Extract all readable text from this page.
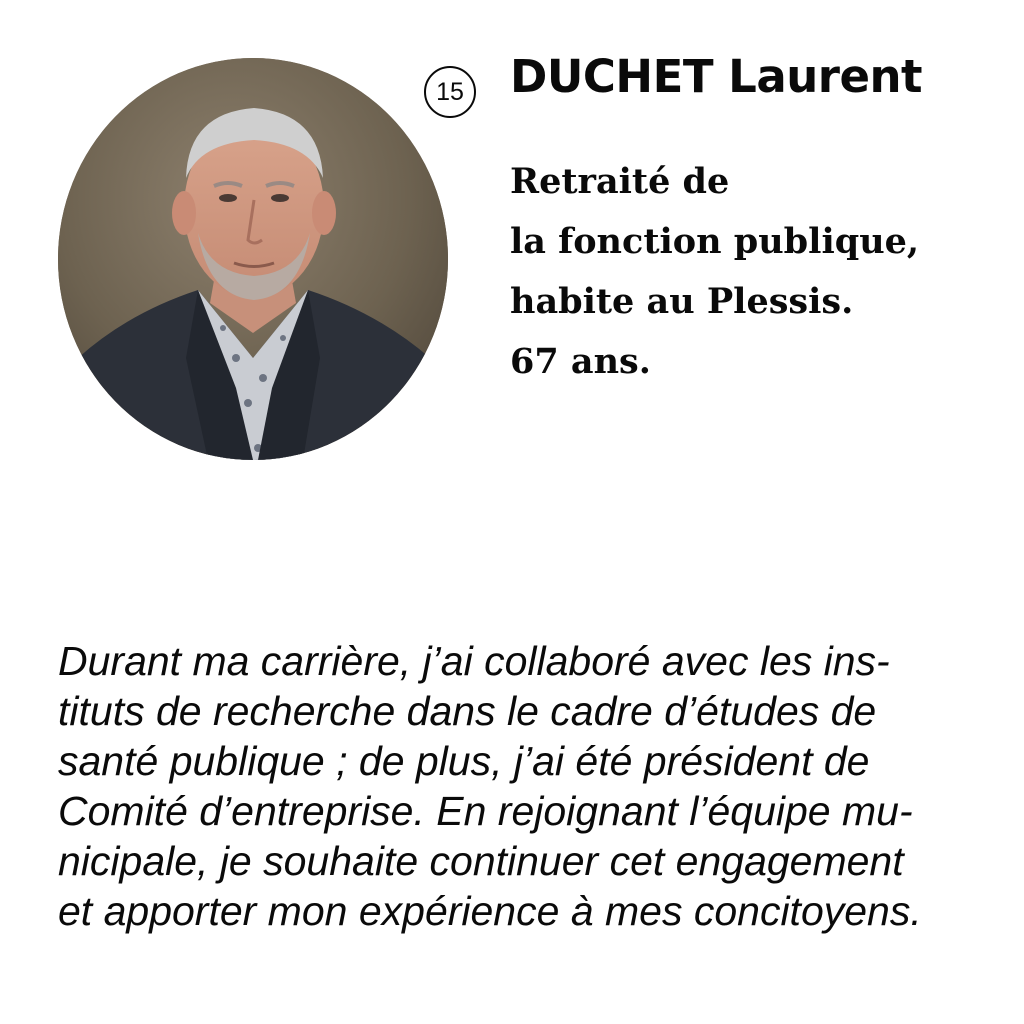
15 DUCHET Laurent

Retraité de
la fonction publique,
habite au Plessis.
67 ans.

Durant ma carrière, j’ai collaboré avec les ins-
tituts de recherche dans le cadre d’études de
santé publique ; de plus, j’ai été président de
Comité d’entreprise. En rejoignant l’équipe mu-
nicipale, je souhaite continuer cet engagement
et apporter mon expérience à mes concitoyens.
